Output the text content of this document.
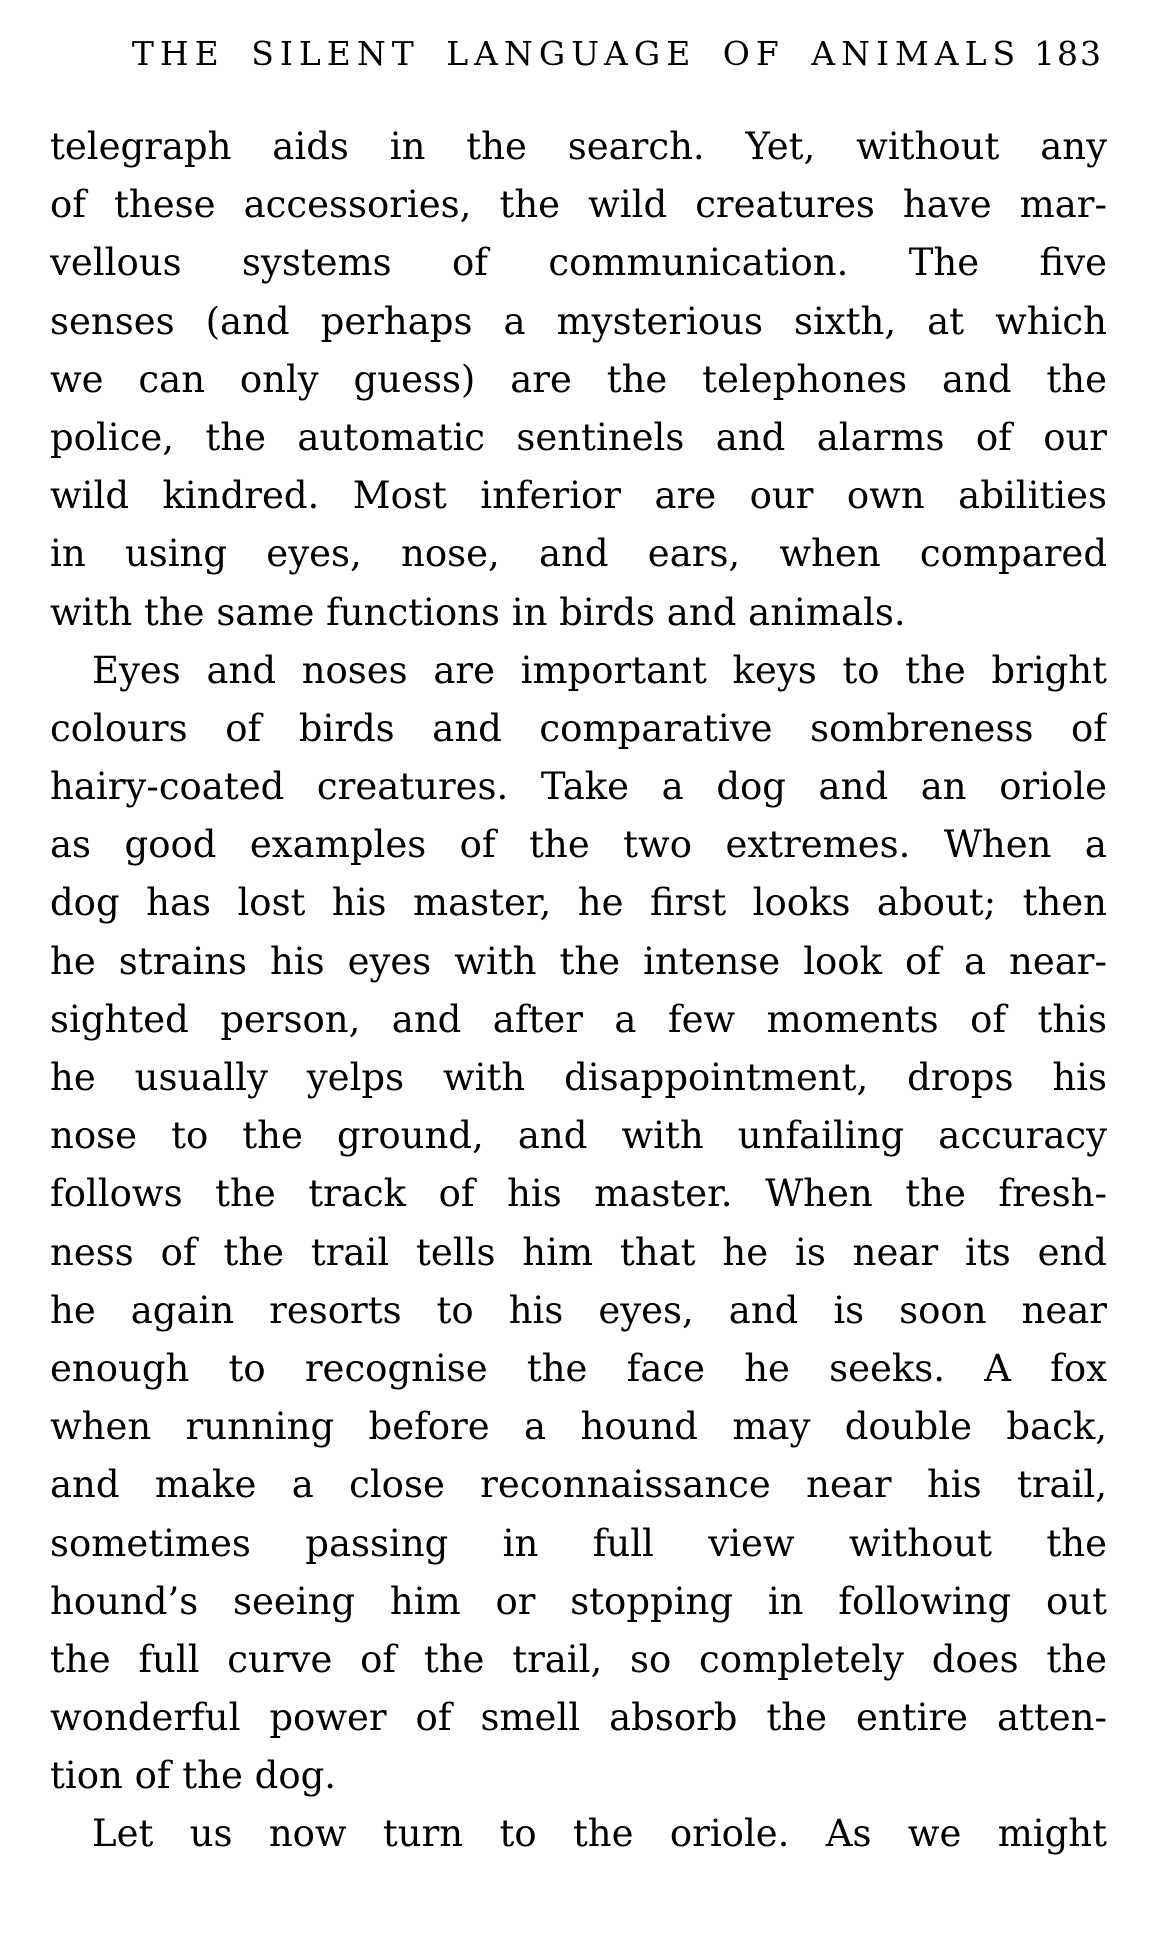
THE SILENT LANGUAGE OF ANIMALS 183

telegraph aids in the search. Yet, without any
of these accessories, the wild creatures have mar-
vellous systems of communication. The five
senses (and perhaps a mysterious sixth, at which
we can only guess) are the telephones and the
police, the automatic sentinels and alarms of our
wild kindred. Most inferior are our own abilities
in using eyes, nose, and ears, when compared
with the same functions in birds and animals.

Eyes and noses are important keys to the bright
colours of birds and comparative sombreness of
hairy-coated creatures. Take a dog and an oriole
as good examples of the two extremes. When a
dog has lost his master, he first looks about; then
he strains his eyes with the intense look of a near-
sighted person, and after a few moments of this
he usually yelps with disappointment, drops his
nose to the ground, and with unfailing accuracy
follows the track of his master. When the fresh-
ness of the trail tells him that he is near its end
he again resorts to his eyes, and is soon near
enough to recognise the face he seeks. A fox
when running before a hound may double back,
and make a close reconnaissance near his trail,
sometimes passing in full view without the
hound’s seeing him or stopping in following out
the full curve of the trail, so completely does the
wonderful power of smell absorb the entire atten-
tion of the dog.

Let us now turn to the oriole. As we might
